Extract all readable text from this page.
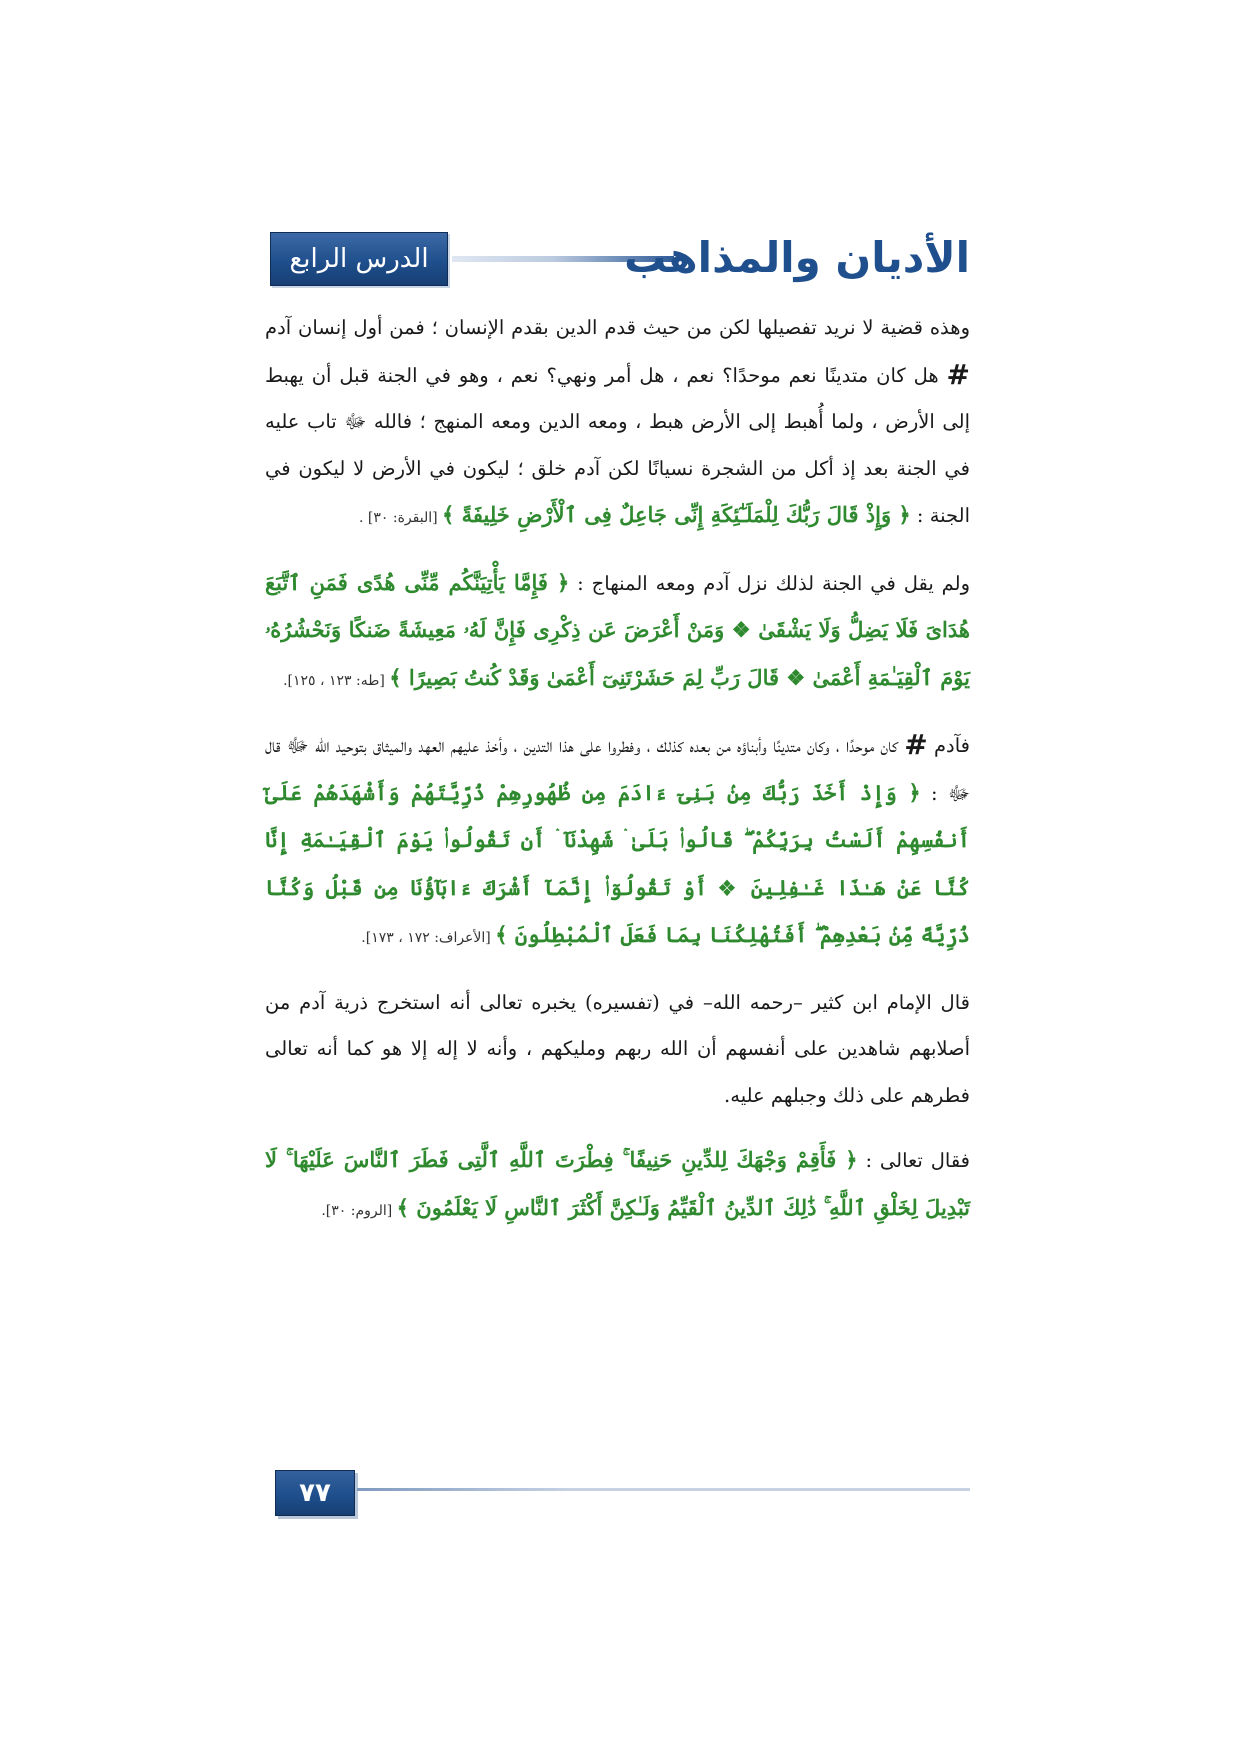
الدرس الرابع	الأديان والمذاهب

وهذه قضية لا نريد تفصيلها لكن من حيث قدم الدين بقدم الإنسان ؛ فمن أول إنسان آدم # هل كان متدينًا نعم موحدًا؟ نعم ، هل أمر ونهي؟ نعم ، وهو في الجنة قبل أن يهبط إلى الأرض ، ولما أُهبط إلى الأرض هبط ، ومعه الدين ومعه المنهج ؛ فالله ﷻ تاب عليه في الجنة بعد إذ أكل من الشجرة نسيانًا لكن آدم خلق ؛ ليكون في الأرض لا ليكون في الجنة : ﴿ وَإِذْ قَالَ رَبُّكَ لِلْمَلَـٰٓئِكَةِ إِنِّى جَاعِلٌ فِى ٱلْأَرْضِ خَلِيفَةً ﴾ [البقرة: ٣٠] .

ولم يقل في الجنة لذلك نزل آدم ومعه المنهاج : ﴿ فَإِمَّا يَأْتِيَنَّكُم مِّنِّى هُدًى فَمَنِ ٱتَّبَعَ هُدَاىَ فَلَا يَضِلُّ وَلَا يَشْقَىٰ ❖ وَمَنْ أَعْرَضَ عَن ذِكْرِى فَإِنَّ لَهُۥ مَعِيشَةً ضَنكًا وَنَحْشُرُهُۥ يَوْمَ ٱلْقِيَـٰمَةِ أَعْمَىٰ ❖ قَالَ رَبِّ لِمَ حَشَرْتَنِىٓ أَعْمَىٰ وَقَدْ كُنتُ بَصِيرًا ﴾ [طه: ١٢٣ ، ١٢٥].

فآدم # كان موحدًا ، وكان متدينًا وأبناؤه من بعده كذلك ، وفطروا على هذا التدين ، وأخذ عليهم العهد والميثاق بتوحيد الله ﷻ قال ﷻ : ﴿ وَإِذْ أَخَذَ رَبُّكَ مِنۢ بَنِىٓ ءَادَمَ مِن ظُهُورِهِمْ ذُرِّيَّتَهُمْ وَأَشْهَدَهُمْ عَلَىٰٓ أَنفُسِهِمْ أَلَسْتُ بِرَبِّكُمْ ۖ قَالُوا۟ بَلَىٰ ۛ شَهِدْنَآ ۛ أَن تَقُولُوا۟ يَوْمَ ٱلْقِيَـٰمَةِ إِنَّا كُنَّا عَنْ هَـٰذَا غَـٰفِلِينَ ❖ أَوْ تَقُولُوٓا۟ إِنَّمَآ أَشْرَكَ ءَابَآؤُنَا مِن قَبْلُ وَكُنَّا ذُرِّيَّةً مِّنۢ بَعْدِهِمْ ۖ أَفَتُهْلِكُنَا بِمَا فَعَلَ ٱلْمُبْطِلُونَ ﴾ [الأعراف: ١٧٢ ، ١٧٣].

قال الإمام ابن كثير –رحمه الله– في (تفسيره) يخبره تعالى أنه استخرج ذرية آدم من أصلابهم شاهدين على أنفسهم أن الله ربهم ومليكهم ، وأنه لا إله إلا هو كما أنه تعالى فطرهم على ذلك وجبلهم عليه.

فقال تعالى : ﴿ فَأَقِمْ وَجْهَكَ لِلدِّينِ حَنِيفًا ۚ فِطْرَتَ ٱللَّهِ ٱلَّتِى فَطَرَ ٱلنَّاسَ عَلَيْهَا ۚ لَا تَبْدِيلَ لِخَلْقِ ٱللَّهِ ۚ ذَٰلِكَ ٱلدِّينُ ٱلْقَيِّمُ وَلَـٰكِنَّ أَكْثَرَ ٱلنَّاسِ لَا يَعْلَمُونَ ﴾ [الروم: ٣٠].

٧٧
